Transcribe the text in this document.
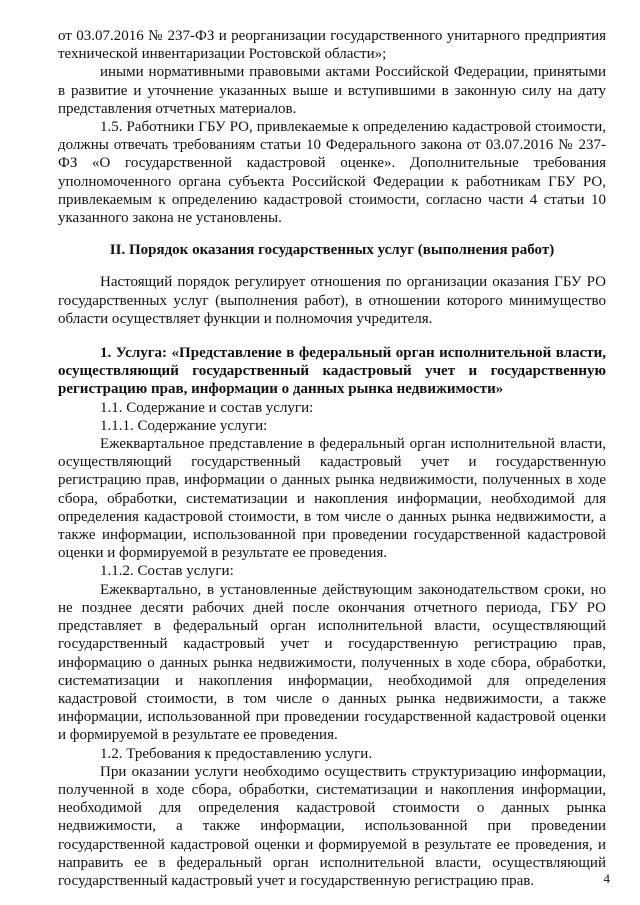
от 03.07.2016 № 237-ФЗ и реорганизации государственного унитарного предприятия технической инвентаризации Ростовской области»;

иными нормативными правовыми актами Российской Федерации, принятыми в развитие и уточнение указанных выше и вступившими в законную силу на дату представления отчетных материалов.

1.5. Работники ГБУ РО, привлекаемые к определению кадастровой стоимости, должны отвечать требованиям статьи 10 Федерального закона от 03.07.2016 № 237-ФЗ «О государственной кадастровой оценке». Дополнительные требования уполномоченного органа субъекта Российской Федерации к работникам ГБУ РО, привлекаемым к определению кадастровой стоимости, согласно части 4 статьи 10 указанного закона не установлены.

II. Порядок оказания государственных услуг (выполнения работ)

Настоящий порядок регулирует отношения по организации оказания ГБУ РО государственных услуг (выполнения работ), в отношении которого минимущество области осуществляет функции и полномочия учредителя.

1. Услуга: «Представление в федеральный орган исполнительной власти, осуществляющий государственный кадастровый учет и государственную регистрацию прав, информации о данных рынка недвижимости»

1.1. Содержание и состав услуги:

1.1.1. Содержание услуги:

Ежеквартальное представление в федеральный орган исполнительной власти, осуществляющий государственный кадастровый учет и государственную регистрацию прав, информации о данных рынка недвижимости, полученных в ходе сбора, обработки, систематизации и накопления информации, необходимой для определения кадастровой стоимости, в том числе о данных рынка недвижимости, а также информации, использованной при проведении государственной кадастровой оценки и формируемой в результате ее проведения.

1.1.2. Состав услуги:

Ежеквартально, в установленные действующим законодательством сроки, но не позднее десяти рабочих дней после окончания отчетного периода, ГБУ РО представляет в федеральный орган исполнительной власти, осуществляющий государственный кадастровый учет и государственную регистрацию прав, информацию о данных рынка недвижимости, полученных в ходе сбора, обработки, систематизации и накопления информации, необходимой для определения кадастровой стоимости, в том числе о данных рынка недвижимости, а также информации, использованной при проведении государственной кадастровой оценки и формируемой в результате ее проведения.

1.2. Требования к предоставлению услуги.

При оказании услуги необходимо осуществить структуризацию информации, полученной в ходе сбора, обработки, систематизации и накопления информации, необходимой для определения кадастровой стоимости о данных рынка недвижимости, а также информации, использованной при проведении государственной кадастровой оценки и формируемой в результате ее проведения, и направить ее в федеральный орган исполнительной власти, осуществляющий государственный кадастровый учет и государственную регистрацию прав.	4
